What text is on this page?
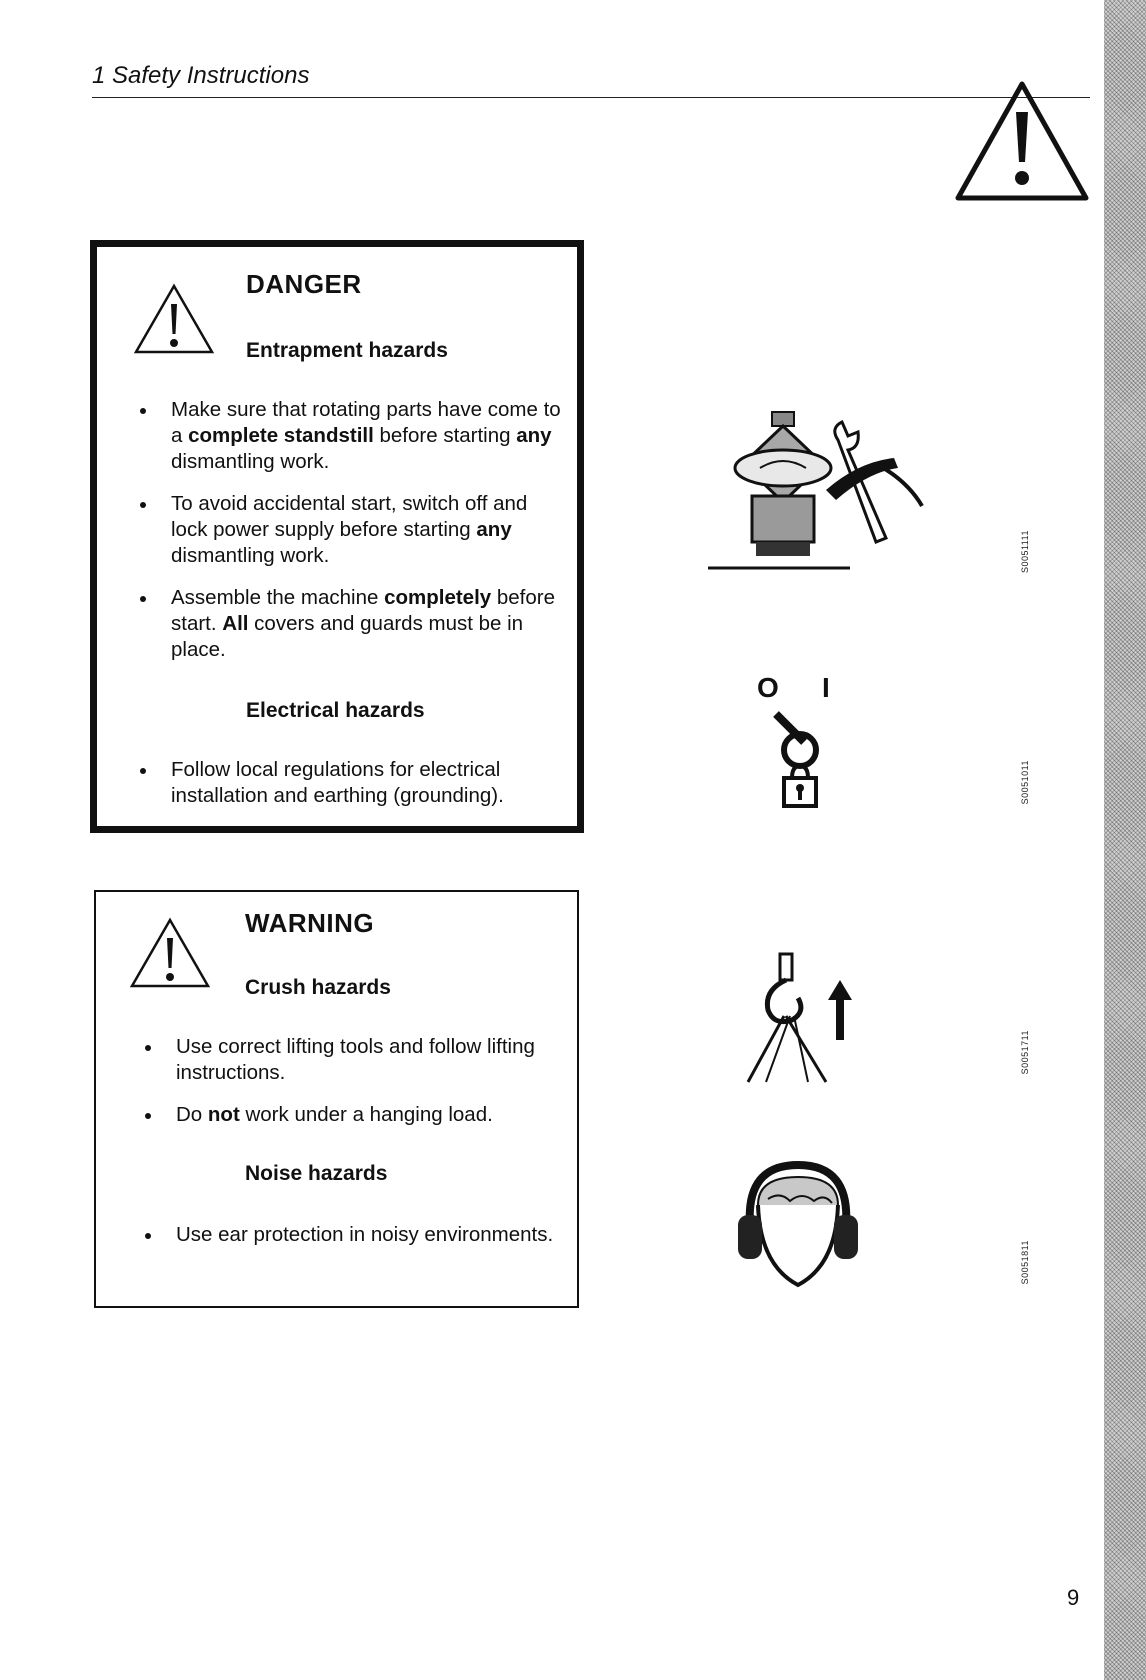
1 Safety Instructions
DANGER
Entrapment hazards
Make sure that rotating parts have come to a complete standstill before starting any dismantling work.
To avoid accidental start, switch off and lock power supply before starting any dismantling work.
Assemble the machine completely before start. All covers and guards must be in place.
Electrical hazards
Follow local regulations for electrical installation and earthing (grounding).
WARNING
Crush hazards
Use correct lifting tools and follow lifting instructions.
Do not work under a hanging load.
Noise hazards
Use ear protection in noisy environments.
S0051111
O I
S0051011
S0051711
S0051811
9
